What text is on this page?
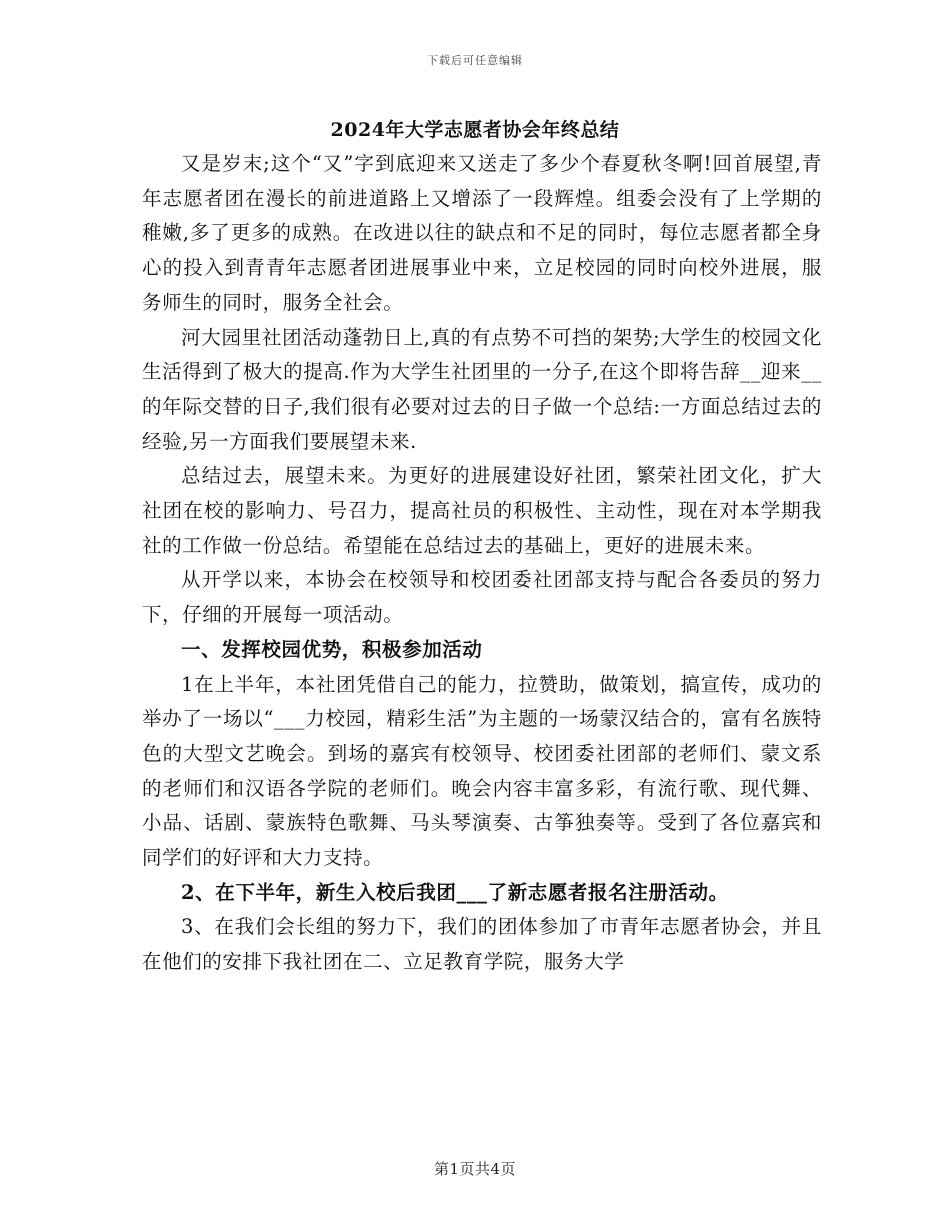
下载后可任意编辑
2024年大学志愿者协会年终总结

又是岁末;这个“又”字到底迎来又送走了多少个春夏秋冬啊!回首展望,青年志愿者团在漫长的前进道路上又增添了一段辉煌。组委会没有了上学期的稚嫩,多了更多的成熟。在改进以往的缺点和不足的同时，每位志愿者都全身心的投入到青青年志愿者团进展事业中来，立足校园的同时向校外进展，服务师生的同时，服务全社会。

河大园里社团活动蓬勃日上,真的有点势不可挡的架势;大学生的校园文化生活得到了极大的提高.作为大学生社团里的一分子,在这个即将告辞__迎来__的年际交替的日子,我们很有必要对过去的日子做一个总结:一方面总结过去的经验,另一方面我们要展望未来.

总结过去，展望未来。为更好的进展建设好社团，繁荣社团文化，扩大社团在校的影响力、号召力，提高社员的积极性、主动性，现在对本学期我社的工作做一份总结。希望能在总结过去的基础上，更好的进展未来。

从开学以来，本协会在校领导和校团委社团部支持与配合各委员的努力下，仔细的开展每一项活动。

一、发挥校园优势，积极参加活动

1在上半年，本社团凭借自己的能力，拉赞助，做策划，搞宣传，成功的举办了一场以“___力校园，精彩生活”为主题的一场蒙汉结合的，富有名族特色的大型文艺晚会。到场的嘉宾有校领导、校团委社团部的老师们、蒙文系的老师们和汉语各学院的老师们。晚会内容丰富多彩，有流行歌、现代舞、小品、话剧、蒙族特色歌舞、马头琴演奏、古筝独奏等。受到了各位嘉宾和同学们的好评和大力支持。

2、在下半年，新生入校后我团___了新志愿者报名注册活动。

3、在我们会长组的努力下，我们的团体参加了市青年志愿者协会，并且在他们的安排下我社团在二、立足教育学院，服务大学

第1页共4页
